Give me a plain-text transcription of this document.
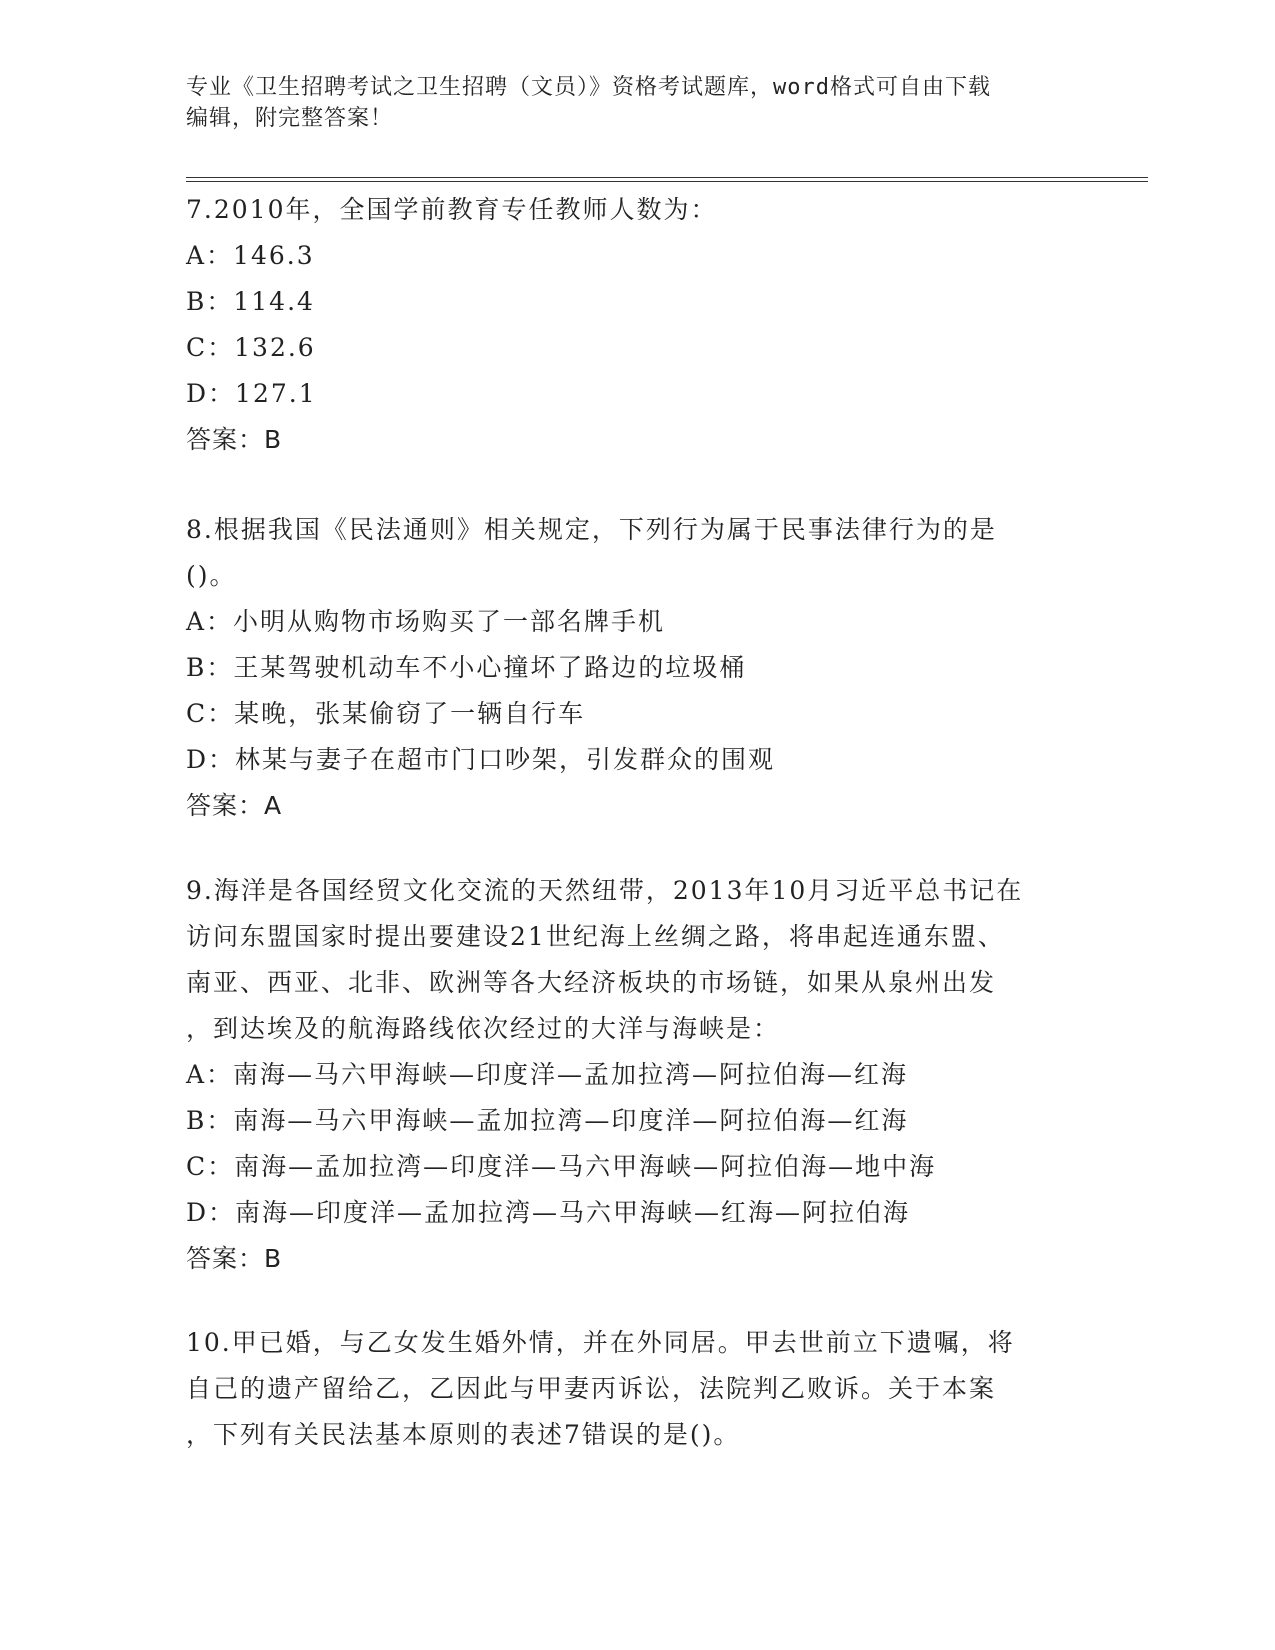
专业《卫生招聘考试之卫生招聘（文员）》资格考试题库，word格式可自由下载
编辑，附完整答案！
7.2010年，全国学前教育专任教师人数为：
A：146.3
B：114.4
C：132.6
D：127.1
答案：B
8.根据我国《民法通则》相关规定，下列行为属于民事法律行为的是
()。
A：小明从购物市场购买了一部名牌手机
B：王某驾驶机动车不小心撞坏了路边的垃圾桶
C：某晚，张某偷窃了一辆自行车
D：林某与妻子在超市门口吵架，引发群众的围观
答案：A
9.海洋是各国经贸文化交流的天然纽带，2013年10月习近平总书记在
访问东盟国家时提出要建设21世纪海上丝绸之路，将串起连通东盟、
南亚、西亚、北非、欧洲等各大经济板块的市场链，如果从泉州出发
，到达埃及的航海路线依次经过的大洋与海峡是：
A：南海—马六甲海峡—印度洋—孟加拉湾—阿拉伯海—红海
B：南海—马六甲海峡—孟加拉湾—印度洋—阿拉伯海—红海
C：南海—孟加拉湾—印度洋—马六甲海峡—阿拉伯海—地中海
D：南海—印度洋—孟加拉湾—马六甲海峡—红海—阿拉伯海
答案：B
10.甲已婚，与乙女发生婚外情，并在外同居。甲去世前立下遗嘱，将
自己的遗产留给乙，乙因此与甲妻丙诉讼，法院判乙败诉。关于本案
，下列有关民法基本原则的表述7错误的是()。
